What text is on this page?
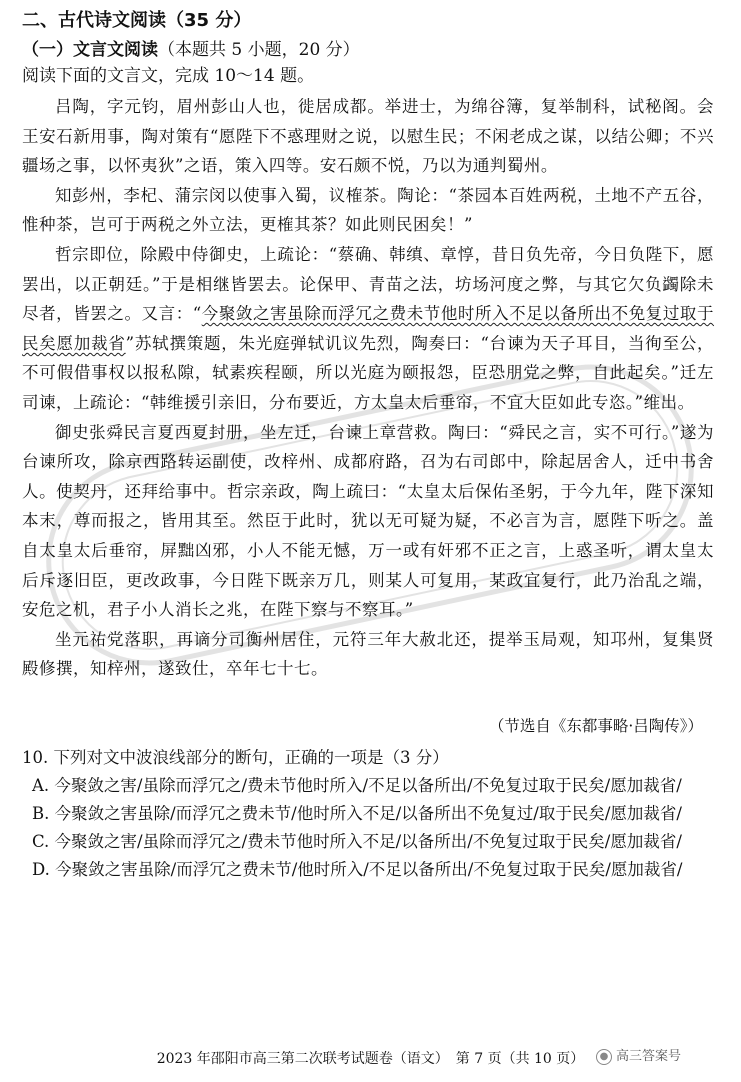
二、古代诗文阅读（35 分）

（一）文言文阅读（本题共 5 小题，20 分）

阅读下面的文言文，完成 10～14 题。

吕陶，字元钧，眉州彭山人也，徙居成都。举进士，为绵谷簿，复举制科，试秘阁。会王安石新用事，陶对策有“愿陛下不惑理财之说，以慰生民；不闲老成之谋，以结公卿；不兴疆场之事，以怀夷狄”之语，策入四等。安石颇不悦，乃以为通判蜀州。

知彭州，李杞、蒲宗闵以使事入蜀，议榷茶。陶论：“茶园本百姓两税，土地不产五谷，惟种茶，岂可于两税之外立法，更榷其茶？如此则民困矣！”

哲宗即位，除殿中侍御史，上疏论：“蔡确、韩缜、章惇，昔日负先帝，今日负陛下，愿罢出，以正朝廷。”于是相继皆罢去。论保甲、青苗之法，坊场河度之弊，与其它欠负蠲除未尽者，皆罢之。又言：“今聚敛之害虽除而浮冗之费未节他时所入不足以备所出不免复过取于民矣愿加裁省”苏轼撰策题，朱光庭弹轼讥议先烈，陶奏曰：“台谏为天子耳目，当徇至公，不可假借事权以报私隙，轼素疾程颐，所以光庭为颐报怨，臣恐朋党之弊，自此起矣。”迁左司谏，上疏论：“韩维援引亲旧，分布要近，方太皇太后垂帘，不宜大臣如此专恣。”维出。

御史张舜民言夏西夏封册，坐左迁，台谏上章营救。陶曰：“舜民之言，实不可行。”遂为台谏所攻，除京西路转运副使，改梓州、成都府路，召为右司郎中，除起居舍人，迁中书舍人。使契丹，还拜给事中。哲宗亲政，陶上疏曰：“太皇太后保佑圣躬，于今九年，陛下深知本末，尊而报之，皆用其至。然臣于此时，犹以无可疑为疑，不必言为言，愿陛下听之。盖自太皇太后垂帘，屏黜凶邪，小人不能无憾，万一或有奸邪不正之言，上惑圣听，谓太皇太后斥逐旧臣，更改政事，今日陛下既亲万几，则某人可复用，某政宜复行，此乃治乱之端，安危之机，君子小人消长之兆，在陛下察与不察耳。”

坐元祐党落职，再谪分司衡州居住，元符三年大赦北还，提举玉局观，知邛州，复集贤殿修撰，知梓州，遂致仕，卒年七十七。

（节选自《东都事略·吕陶传》）

10. 下列对文中波浪线部分的断句，正确的一项是（3 分）

A. 今聚敛之害/虽除而浮冗之/费未节他时所入/不足以备所出/不免复过取于民矣/愿加裁省/

B. 今聚敛之害虽除/而浮冗之费未节/他时所入不足/以备所出不免复过/取于民矣/愿加裁省/

C. 今聚敛之害/虽除而浮冗之/费未节他时所入不足/以备所出/不免复过取于民矣/愿加裁省/

D. 今聚敛之害虽除/而浮冗之费未节/他时所入/不足以备所出/不免复过取于民矣/愿加裁省/

2023 年邵阳市高三第二次联考试题卷（语文）　第 7 页（共 10 页）	● 高三答案号
